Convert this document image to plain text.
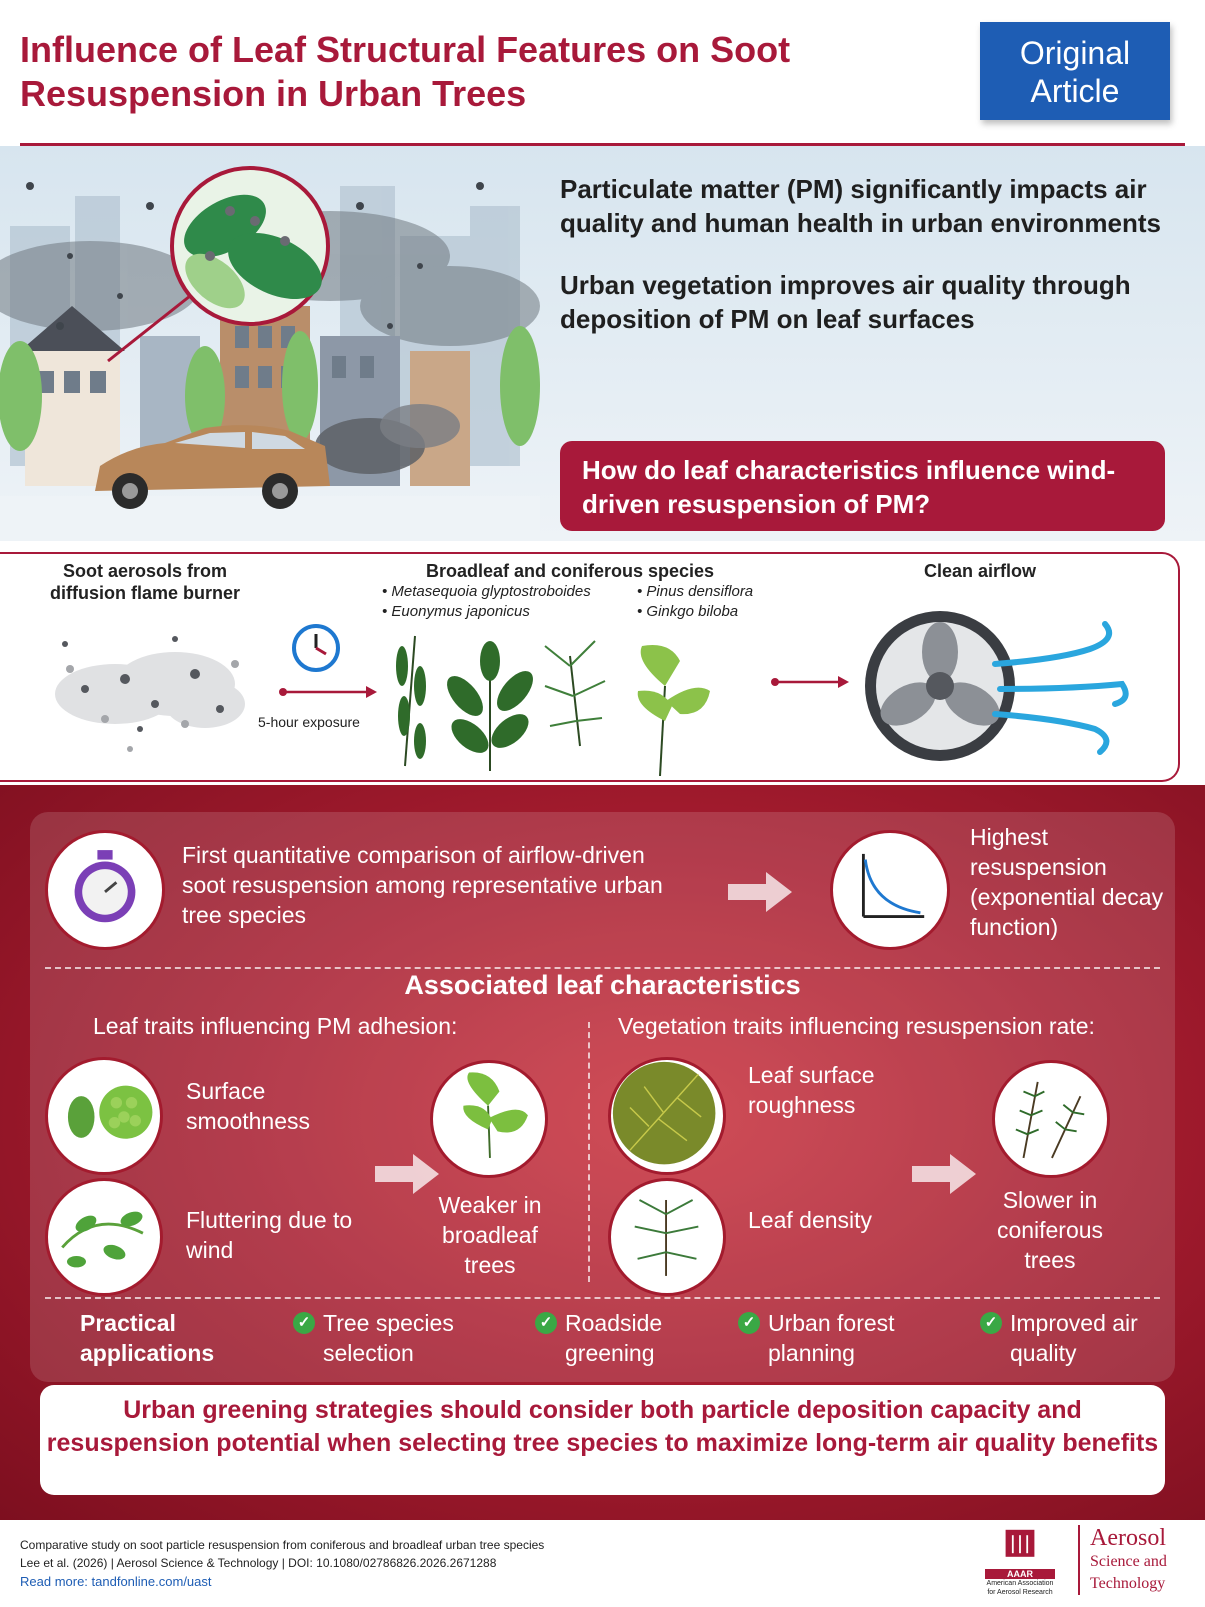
Influence of Leaf Structural Features on Soot Resuspension in Urban Trees
Original Article

Particulate matter (PM) significantly impacts air quality and human health in urban environments

Urban vegetation improves air quality through deposition of PM on leaf surfaces

How do leaf characteristics influence wind-driven resuspension of PM?
Soot aerosols from diffusion flame burner
5-hour exposure
Broadleaf and coniferous species
• Metasequoia glyptostroboides
• Euonymus japonicus
• Pinus densiflora
• Ginkgo biloba
Clean airflow
First quantitative comparison of airflow-driven soot resuspension among representative urban tree species
Highest resuspension (exponential decay function)
Associated leaf characteristics
Leaf traits influencing PM adhesion:	Vegetation traits influencing resuspension rate:
Surface smoothness
Fluttering due to wind
Weaker in broadleaf trees
Leaf surface roughness
Leaf density
Slower in coniferous trees
Practical applications
✓ Tree species selection
✓ Roadside greening
✓ Urban forest planning
✓ Improved air quality
Urban greening strategies should consider both particle deposition capacity and resuspension potential when selecting tree species to maximize long-term air quality benefits
Comparative study on soot particle resuspension from coniferous and broadleaf urban tree species
Lee et al. (2026) | Aerosol Science & Technology | DOI: 10.1080/02786826.2026.2671288
Read more: tandfonline.com/uast	AAAR
American Association for Aerosol Research
Aerosol
Science and
Technology
